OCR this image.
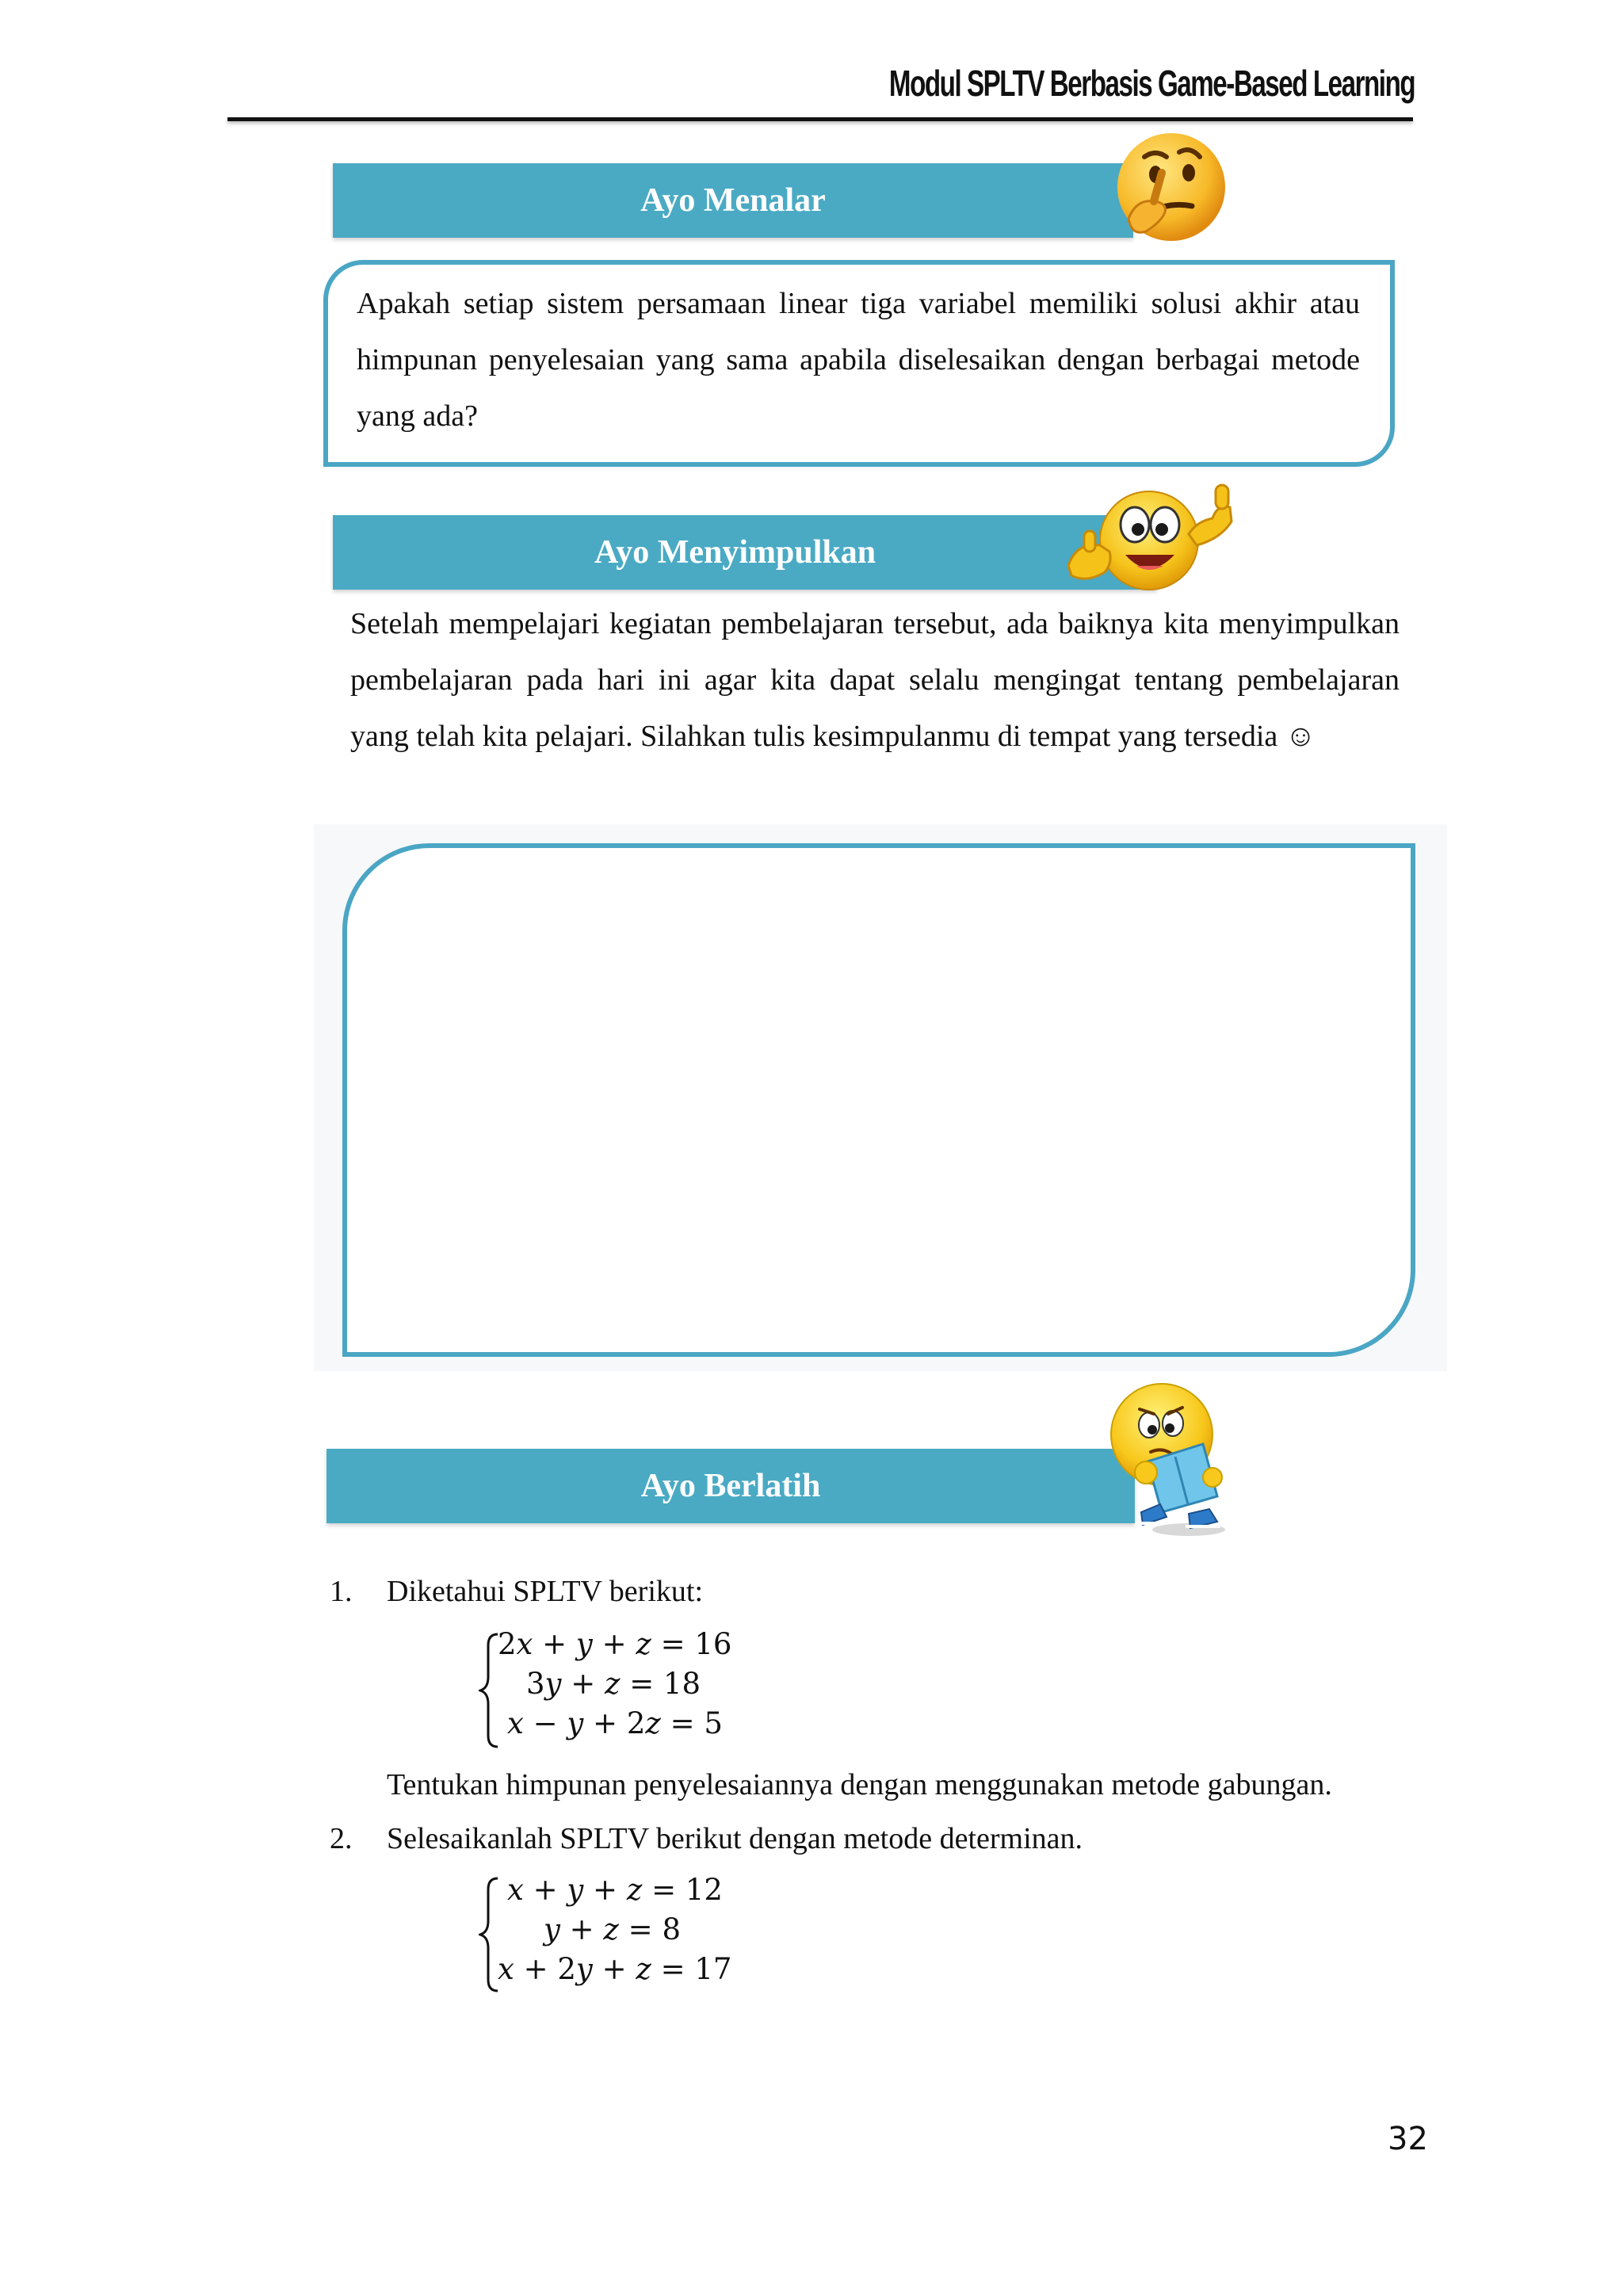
Modul SPLTV Berbasis Game-Based Learning
Ayo Menalar
Apakah setiap sistem persamaan linear tiga variabel memiliki solusi akhir atau himpunan penyelesaian yang sama apabila diselesaikan dengan berbagai metode yang ada?
Ayo Menyimpulkan
Setelah mempelajari kegiatan pembelajaran tersebut, ada baiknya kita menyimpulkan pembelajaran pada hari ini agar kita dapat selalu mengingat tentang pembelajaran yang telah kita pelajari. Silahkan tulis kesimpulanmu di tempat yang tersedia ☺
Ayo Berlatih
1. Diketahui SPLTV berikut:
2𝑥 + 𝑦 + 𝑧 = 16
3𝑦 + 𝑧 = 18
𝑥 − 𝑦 + 2𝑧 = 5
Tentukan himpunan penyelesaiannya dengan menggunakan metode gabungan.
2. Selesaikanlah SPLTV berikut dengan metode determinan.
𝑥 + 𝑦 + 𝑧 = 12
𝑦 + 𝑧 = 8
𝑥 + 2𝑦 + 𝑧 = 17
32
